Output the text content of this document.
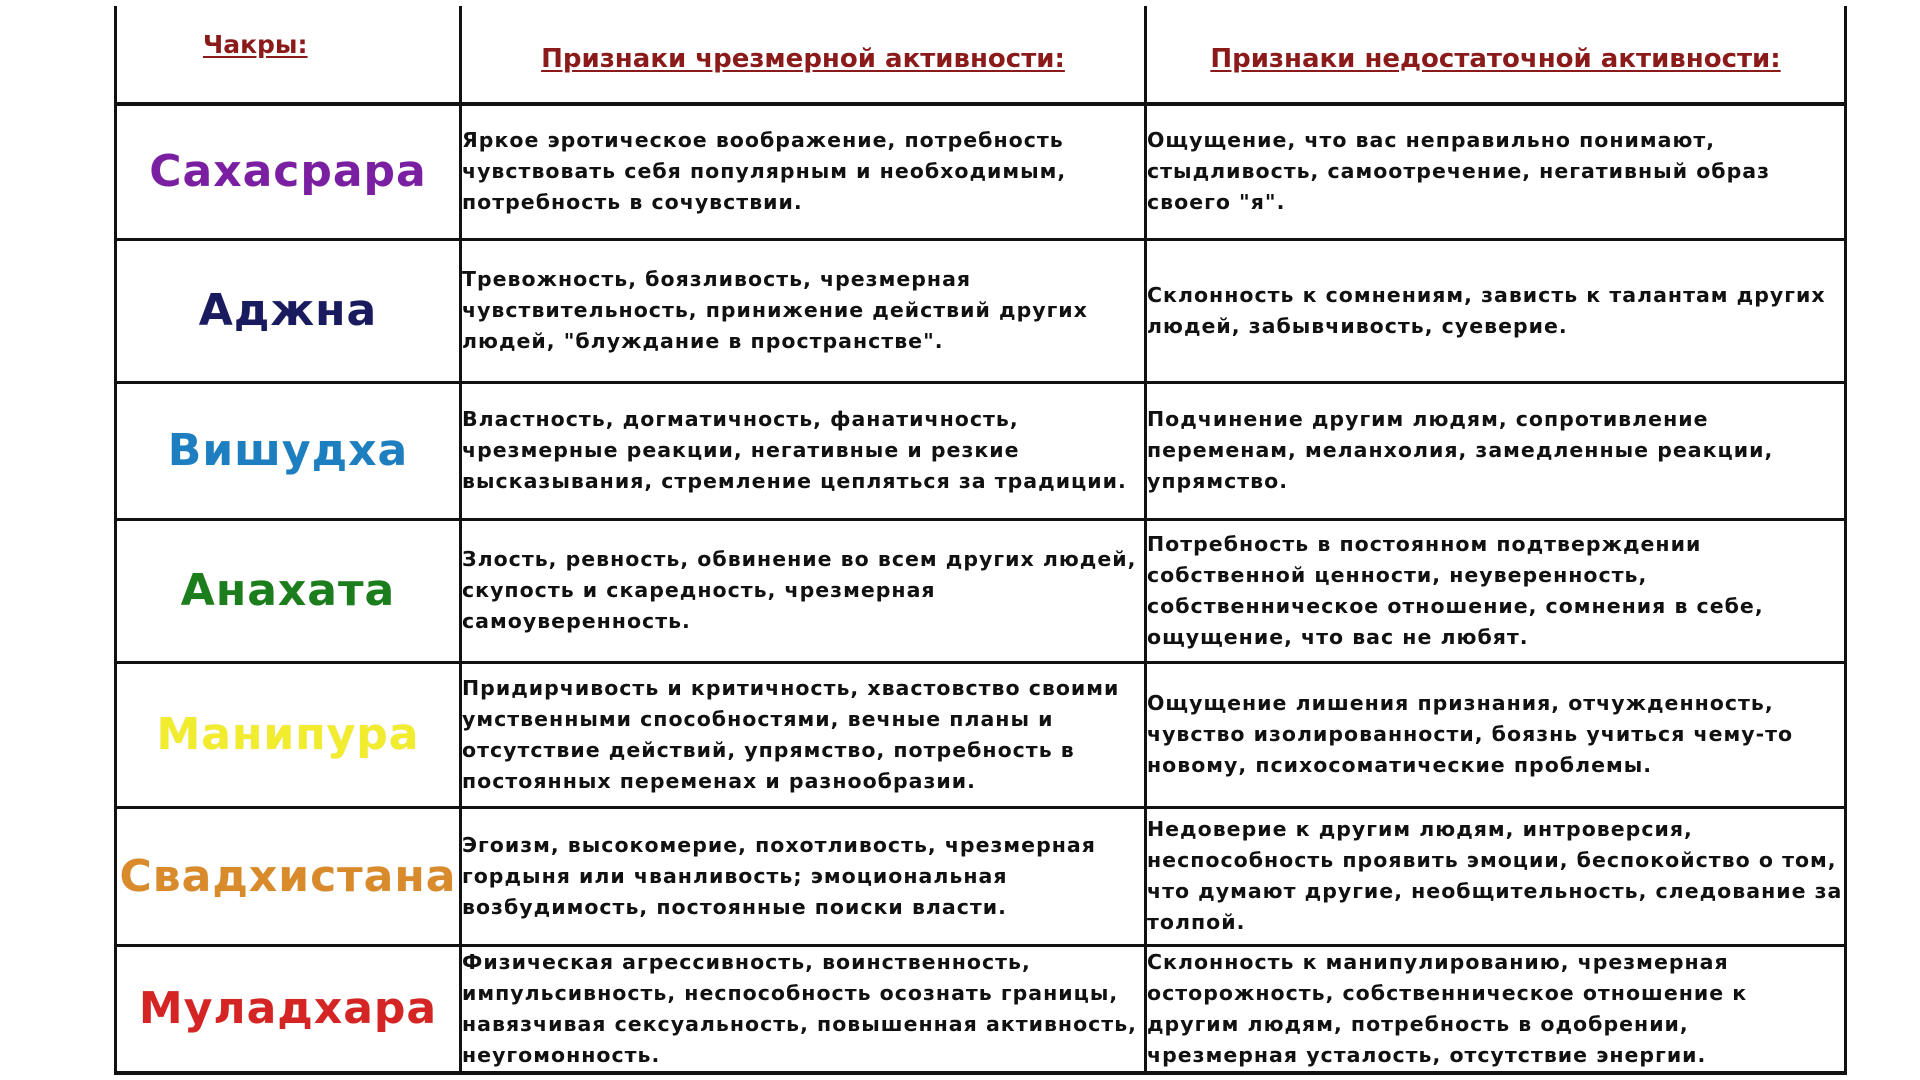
Чакры:	Признаки чрезмерной активности:	Признаки недостаточной активности:

Сахасрара	Яркое эротическое воображение, потребность чувствовать себя популярным и необходимым, потребность в сочувствии.	Ощущение, что вас неправильно понимают, стыдливость, самоотречение, негативный образ своего "я".

Аджна	Тревожность, боязливость, чрезмерная чувствительность, принижение действий других людей, "блуждание в пространстве".	Склонность к сомнениям, зависть к талантам других людей, забывчивость, суеверие.

Вишудха	Властность, догматичность, фанатичность, чрезмерные реакции, негативные и резкие высказывания, стремление цепляться за традиции.	Подчинение другим людям, сопротивление переменам, меланхолия, замедленные реакции, упрямство.

Анахата	Злость, ревность, обвинение во всем других людей, скупость и скаредность, чрезмерная самоуверенность.	Потребность в постоянном подтверждении собственной ценности, неуверенность, собственническое отношение, сомнения в себе, ощущение, что вас не любят.

Манипура	Придирчивость и критичность, хвастовство своими умственными способностями, вечные планы и отсутствие действий, упрямство, потребность в постоянных переменах и разнообразии.	Ощущение лишения признания, отчужденность, чувство изолированности, боязнь учиться чему-то новому, психосоматические проблемы.

Свадхистана	Эгоизм, высокомерие, похотливость, чрезмерная гордыня или чванливость; эмоциональная возбудимость, постоянные поиски власти.	Недоверие к другим людям, интроверсия, неспособность проявить эмоции, беспокойство о том, что думают другие, необщительность, следование за толпой.

Муладхара	Физическая агрессивность, воинственность, импульсивность, неспособность осознать границы, навязчивая сексуальность, повышенная активность, неугомонность.	Склонность к манипулированию, чрезмерная осторожность, собственническое отношение к другим людям, потребность в одобрении, чрезмерная усталость, отсутствие энергии.
